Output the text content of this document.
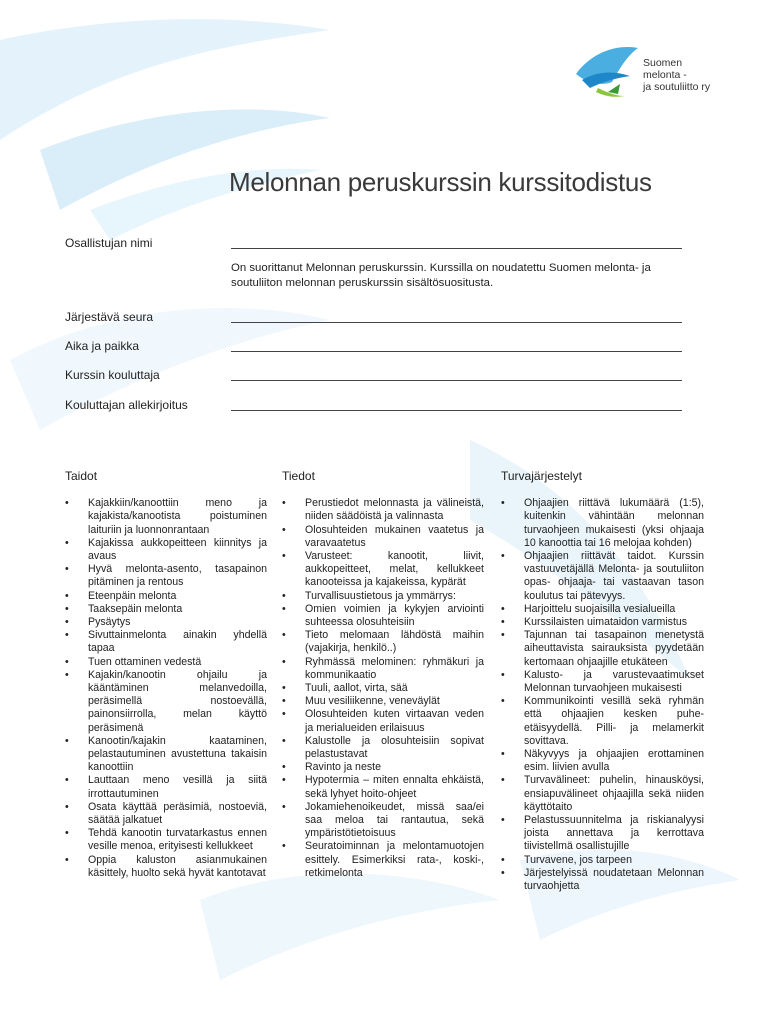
Suomen
melonta -
ja soutuliitto ry
Melonnan peruskurssin kurssitodistus
Osallistujan nimi
On suorittanut Melonnan peruskurssin. Kurssilla on noudatettu Suomen melonta- ja soutuliiton melonnan peruskurssin sisältösuositusta.
Järjestävä seura
Aika ja paikka
Kurssin kouluttaja
Kouluttajan allekirjoitus
Taidot
• Kajakkiin/kanoottiin meno ja kajakista/kanootista poistuminen laituriin ja luonnonrantaan
• Kajakissa aukkopeitteen kiinnitys ja avaus
• Hyvä melonta-asento, tasapainon pitäminen ja rentous
• Eteenpäin melonta
• Taaksepäin melonta
• Pysäytys
• Sivuttainmelonta ainakin yhdellä tapaa
• Tuen ottaminen vedestä
• Kajakin/kanootin ohjailu ja kääntäminen melanvedoilla, peräsimellä nostoevällä, painonsiirrolla, melan käyttö peräsimenä
• Kanootin/kajakin kaataminen, pelastautuminen avustettuna takaisin kanoottiin
• Lauttaan meno vesillä ja siitä irrottautuminen
• Osata käyttää peräsimiä, nostoeviä, säätää jalkatuet
• Tehdä kanootin turvatarkastus ennen vesille menoa, erityisesti kellukkeet
• Oppia kaluston asianmukainen käsittely, huolto sekä hyvät kantotavat
Tiedot
• Perustiedot melonnasta ja välineistä, niiden säädöistä ja valinnasta
• Olosuhteiden mukainen vaatetus ja varavaatetus
• Varusteet: kanootit, liivit, aukkopeitteet, melat, kellukkeet kanooteissa ja kajakeissa, kypärät
• Turvallisuustietous ja ymmärrys:
• Omien voimien ja kykyjen arviointi suhteessa olosuhteisiin
• Tieto melomaan lähdöstä maihin (vajakirja, henkilö..)
• Ryhmässä melominen: ryhmäkuri ja kommunikaatio
• Tuuli, aallot, virta, sää
• Muu vesiliikenne, veneväylät
• Olosuhteiden kuten virtaavan veden ja merialueiden erilaisuus
• Kalustolle ja olosuhteisiin sopivat pelastustavat
• Ravinto ja neste
• Hypotermia – miten ennalta ehkäistä, sekä lyhyet hoito-ohjeet
• Jokamiehenoikeudet, missä saa/ei saa meloa tai rantautua, sekä ympäristötietoisuus
• Seuratoiminnan ja melontamuotojen esittely. Esimerkiksi rata-, koski-, retkimelonta
Turvajärjestelyt
• Ohjaajien riittävä lukumäärä (1:5), kuitenkin vähintään melonnan turvaohjeen mukaisesti (yksi ohjaaja 10 kanoottia tai 16 melojaa kohden)
• Ohjaajien riittävät taidot. Kurssin vastuuvetäjällä Melonta- ja soutuliiton opas- ohjaaja- tai vastaavan tason koulutus tai pätevyys.
• Harjoittelu suojaisilla vesialueilla
• Kurssilaisten uimataidon varmistus
• Tajunnan tai tasapainon menetystä aiheuttavista sairauksista pyydetään kertomaan ohjaajille etukäteen
• Kalusto- ja varustevaatimukset Melonnan turvaohjeen mukaisesti
• Kommunikointi vesillä sekä ryhmän että ohjaajien kesken puhe-etäisyydellä. Pilli- ja melamerkit sovittava.
• Näkyvyys ja ohjaajien erottaminen esim. liivien avulla
• Turvavälineet: puhelin, hinausköysi, ensiapuvälineet ohjaajilla sekä niiden käyttötaito
• Pelastussuunnitelma ja riskianalyysi joista annettava ja kerrottava tiivistellmä osallistujille
• Turvavene, jos tarpeen
• Järjestelyissä noudatetaan Melonnan turvaohjetta
